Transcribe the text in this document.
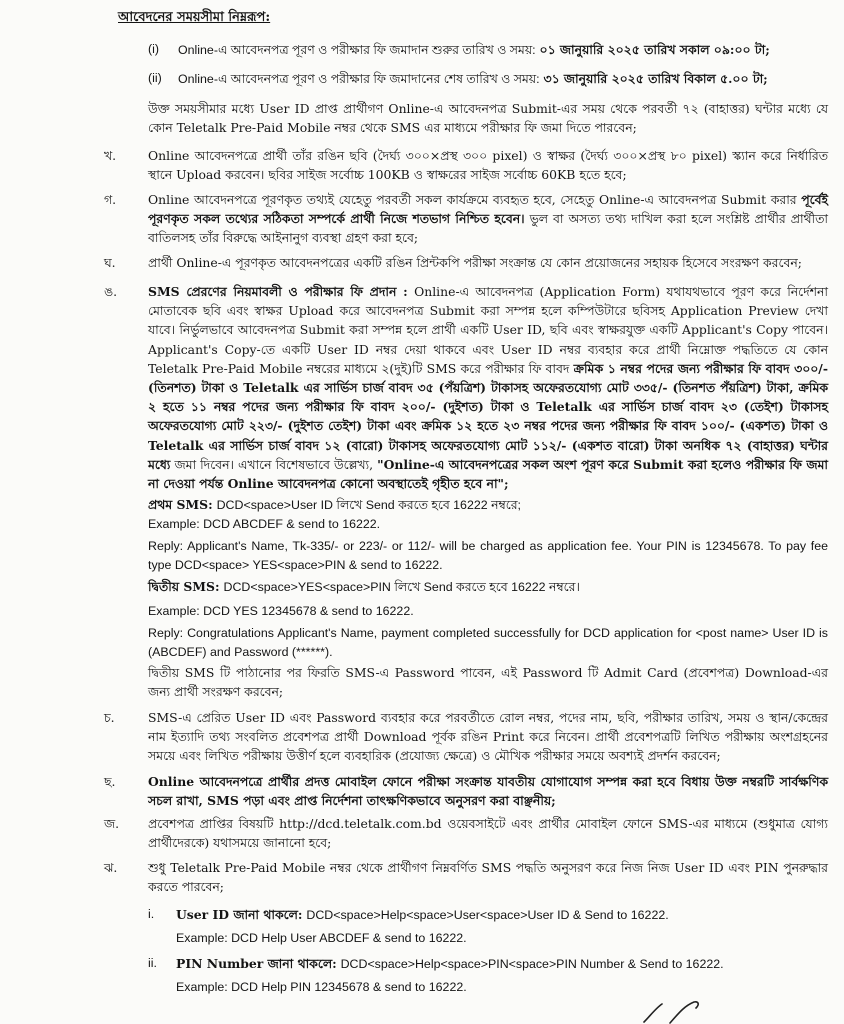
আবেদনের সময়সীমা নিম্নরূপ:
(i) Online-এ আবেদনপত্র পূরণ ও পরীক্ষার ফি জমাদান শুরুর তারিখ ও সময়: ০১ জানুয়ারি ২০২৫ তারিখ সকাল ০৯:০০ টা;

(ii) Online-এ আবেদনপত্র পূরণ ও পরীক্ষার ফি জমাদানের শেষ তারিখ ও সময়: ৩১ জানুয়ারি ২০২৫ তারিখ বিকাল ৫.০০ টা;

উক্ত সময়সীমার মধ্যে User ID প্রাপ্ত প্রার্থীগণ Online-এ আবেদনপত্র Submit-এর সময় থেকে পরবর্তী ৭২ (বাহাত্তর) ঘন্টার মধ্যে যে কোন Teletalk Pre-Paid Mobile নম্বর থেকে SMS এর মাধ্যমে পরীক্ষার ফি জমা দিতে পারবেন;

খ.	Online আবেদনপত্রে প্রার্থী তাঁর রঙিন ছবি (দৈর্ঘ্য ৩০০×প্রস্থ ৩০০ pixel) ও স্বাক্ষর (দৈর্ঘ্য ৩০০×প্রস্থ ৮০ pixel) স্ক্যান করে নির্ধারিত স্থানে Upload করবেন। ছবির সাইজ সর্বোচ্চ 100KB ও স্বাক্ষরের সাইজ সর্বোচ্চ 60KB হতে হবে;

গ.	Online আবেদনপত্রে পূরণকৃত তথ্যই যেহেতু পরবর্তী সকল কার্যক্রমে ব্যবহৃত হবে, সেহেতু Online-এ আবেদনপত্র Submit করার পূর্বেই পূরণকৃত সকল তথ্যের সঠিকতা সম্পর্কে প্রার্থী নিজে শতভাগ নিশ্চিত হবেন। ভুল বা অসত্য তথ্য দাখিল করা হলে সংশ্লিষ্ট প্রার্থীর প্রার্থীতা বাতিলসহ তাঁর বিরুদ্ধে আইনানুগ ব্যবস্থা গ্রহণ করা হবে;

ঘ.	প্রার্থী Online-এ পূরণকৃত আবেদনপত্রের একটি রঙিন প্রিন্টকপি পরীক্ষা সংক্রান্ত যে কোন প্রয়োজনের সহায়ক হিসেবে সংরক্ষণ করবেন;

ঙ. SMS প্রেরণের নিয়মাবলী ও পরীক্ষার ফি প্রদান : Online-এ আবেদনপত্র (Application Form) যথাযথভাবে পূরণ করে নির্দেশনা মোতাবেক ছবি এবং স্বাক্ষর Upload করে আবেদনপত্র Submit করা সম্পন্ন হলে কম্পিউটারে ছবিসহ Application Preview দেখা যাবে। নির্ভুলভাবে আবেদনপত্র Submit করা সম্পন্ন হলে প্রার্থী একটি User ID, ছবি এবং স্বাক্ষরযুক্ত একটি Applicant's Copy পাবেন। Applicant's Copy-তে একটি User ID নম্বর দেয়া থাকবে এবং User ID নম্বর ব্যবহার করে প্রার্থী নিম্নোক্ত পদ্ধতিতে যে কোন Teletalk Pre-Paid Mobile নম্বরের মাধ্যমে ২(দুই)টি SMS করে পরীক্ষার ফি বাবদ ক্রমিক ১ নম্বর পদের জন্য পরীক্ষার ফি বাবদ ৩০০/- (তিনশত) টাকা ও Teletalk এর সার্ভিস চার্জ বাবদ ৩৫ (পঁয়ত্রিশ) টাকাসহ অফেরতযোগ্য মোট ৩৩৫/- (তিনশত পঁয়ত্রিশ) টাকা, ক্রমিক ২ হতে ১১ নম্বর পদের জন্য পরীক্ষার ফি বাবদ ২০০/- (দুইশত) টাকা ও Teletalk এর সার্ভিস চার্জ বাবদ ২৩ (তেইশ) টাকাসহ অফেরতযোগ্য মোট ২২৩/- (দুইশত তেইশ) টাকা এবং ক্রমিক ১২ হতে ২৩ নম্বর পদের জন্য পরীক্ষার ফি বাবদ ১০০/- (একশত) টাকা ও Teletalk এর সার্ভিস চার্জ বাবদ ১২ (বারো) টাকাসহ অফেরতযোগ্য মোট ১১২/- (একশত বারো) টাকা অনধিক ৭২ (বাহাত্তর) ঘন্টার মধ্যে জমা দিবেন। এখানে বিশেষভাবে উল্লেখ্য, "Online-এ আবেদনপত্রের সকল অংশ পূরণ করে Submit করা হলেও পরীক্ষার ফি জমা না দেওয়া পর্যন্ত Online আবেদনপত্র কোনো অবস্থাতেই গৃহীত হবে না";

প্রথম SMS: DCD<space>User ID লিখে Send করতে হবে 16222 নম্বরে;

Example: DCD ABCDEF & send to 16222.

Reply: Applicant's Name, Tk-335/- or 223/- or 112/- will be charged as application fee. Your PIN is 12345678. To pay fee type DCD<space> YES<space>PIN & send to 16222.

দ্বিতীয় SMS: DCD<space>YES<space>PIN লিখে Send করতে হবে 16222 নম্বরে।

Example: DCD YES 12345678 & send to 16222.

Reply: Congratulations Applicant's Name, payment completed successfully for DCD application for <post name> User ID is (ABCDEF) and Password (******).

দ্বিতীয় SMS টি পাঠানোর পর ফিরতি SMS-এ Password পাবেন, এই Password টি Admit Card (প্রবেশপত্র) Download-এর জন্য প্রার্থী সংরক্ষণ করবেন;

চ.	SMS-এ প্রেরিত User ID এবং Password ব্যবহার করে পরবর্তীতে রোল নম্বর, পদের নাম, ছবি, পরীক্ষার তারিখ, সময় ও স্থান/কেন্দ্রের নাম ইত্যাদি তথ্য সংবলিত প্রবেশপত্র প্রার্থী Download পূর্বক রঙিন Print করে নিবেন। প্রার্থী প্রবেশপত্রটি লিখিত পরীক্ষায় অংশগ্রহনের সময়ে এবং লিখিত পরীক্ষায় উত্তীর্ণ হলে ব্যবহারিক (প্রযোজ্য ক্ষেত্রে) ও মৌখিক পরীক্ষার সময়ে অবশ্যই প্রদর্শন করবেন;

ছ.	Online আবেদনপত্রে প্রার্থীর প্রদত্ত মোবাইল ফোনে পরীক্ষা সংক্রান্ত যাবতীয় যোগাযোগ সম্পন্ন করা হবে বিধায় উক্ত নম্বরটি সার্বক্ষণিক সচল রাখা, SMS পড়া এবং প্রাপ্ত নির্দেশনা তাৎক্ষণিকভাবে অনুসরণ করা বাঞ্ছনীয়;

জ. প্রবেশপত্র প্রাপ্তির বিষয়টি http://dcd.teletalk.com.bd ওয়েবসাইটে এবং প্রার্থীর মোবাইল ফোনে SMS-এর মাধ্যমে (শুধুমাত্র যোগ্য প্রার্থীদেরকে) যথাসময়ে জানানো হবে;

ঝ. শুধু Teletalk Pre-Paid Mobile নম্বর থেকে প্রার্থীগণ নিম্নবর্ণিত SMS পদ্ধতি অনুসরণ করে নিজ নিজ User ID এবং PIN পুনরুদ্ধার করতে পারবেন;

i. User ID জানা থাকলে: DCD<space>Help<space>User<space>User ID & Send to 16222.

Example: DCD Help User ABCDEF & send to 16222.

ii. PIN Number জানা থাকলে: DCD<space>Help<space>PIN<space>PIN Number & Send to 16222.

Example: DCD Help PIN 12345678 & send to 16222.
